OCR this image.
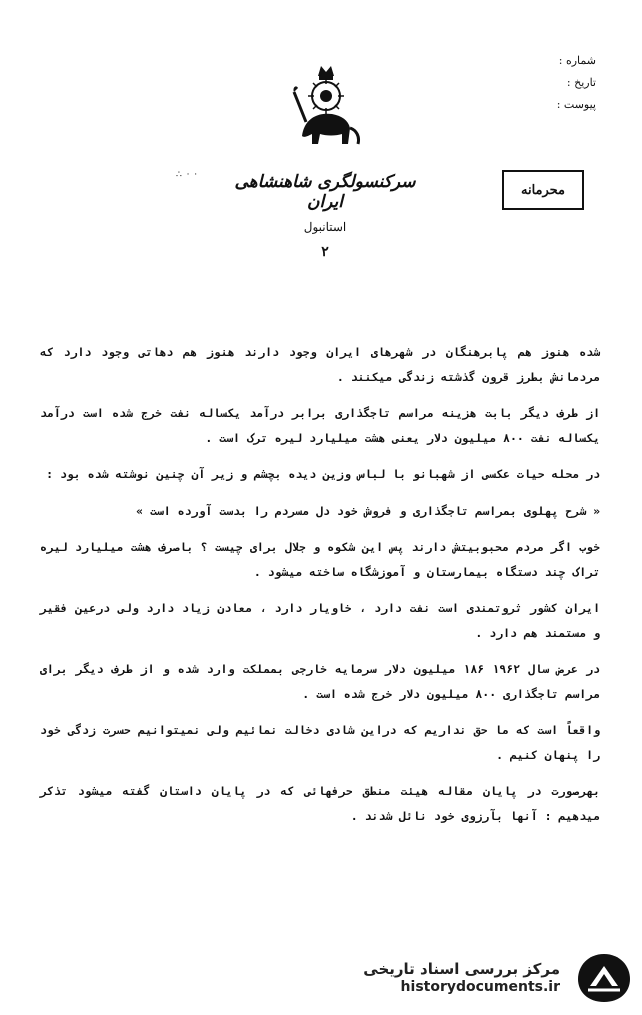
شماره :
تاریخ :
پیوست :
∴ · · سرکنسولگری شاهنشاهی ایران
استانبول
۲
محرمانه

شده هنوز هم پابرهنگان در شهرهای ایران وجود دارند هنوز هم دهاتی وجود دارد که مردمانش بطرز قرون گذشته زندگی میکنند .

از طرف دیگر بابت هزینه مراسم تاجگذاری برابر درآمد یکساله نفت خرج شده است درآمد یکساله نفت ۸۰۰ میلیون دلار یعنی هشت میلیارد لیره ترک است .

در محله حیات عکسی از شهبانو با لباس وزین دیده بچشم و زیر آن چنین نوشته شده بود :

« شرح پهلوی بمراسم تاجگذاری و فروش خود دل مسردم را بدست آورده است »

خوب اگر مردم محبوبیتش دارند پس این شکوه و جلال برای چیست ؟ باصرف هشت میلیارد لیره تراک چند دستگاه بیمارستان و آموزشگاه ساخته میشود .

ایران کشور ثروتمندی است نفت دارد ، خاویار دارد ، معادن زیاد دارد ولی درعین فقیر و مستمند هم دارد .

در عرض سال ۱۹۶۲ ۱۸۶ میلیون دلار سرمایه خارجی بمملکت وارد شده و از طرف دیگر برای مراسم تاجگذاری ۸۰۰ میلیون دلار خرج شده است .

واقعاً است که ما حق نداریم که دراین شادی دخالت نمائیم ولی نمیتوانیم حسرت زدگی خود را پنهان کنیم .

بهرصورت در پایان مقاله هیئت منطق حرفهائی که در پایان داستان گفته میشود تذکر میدهیم : آنها بآرزوی خود نائل شدند .

مرکز بررسی اسناد تاریخی
historydocuments.ir
